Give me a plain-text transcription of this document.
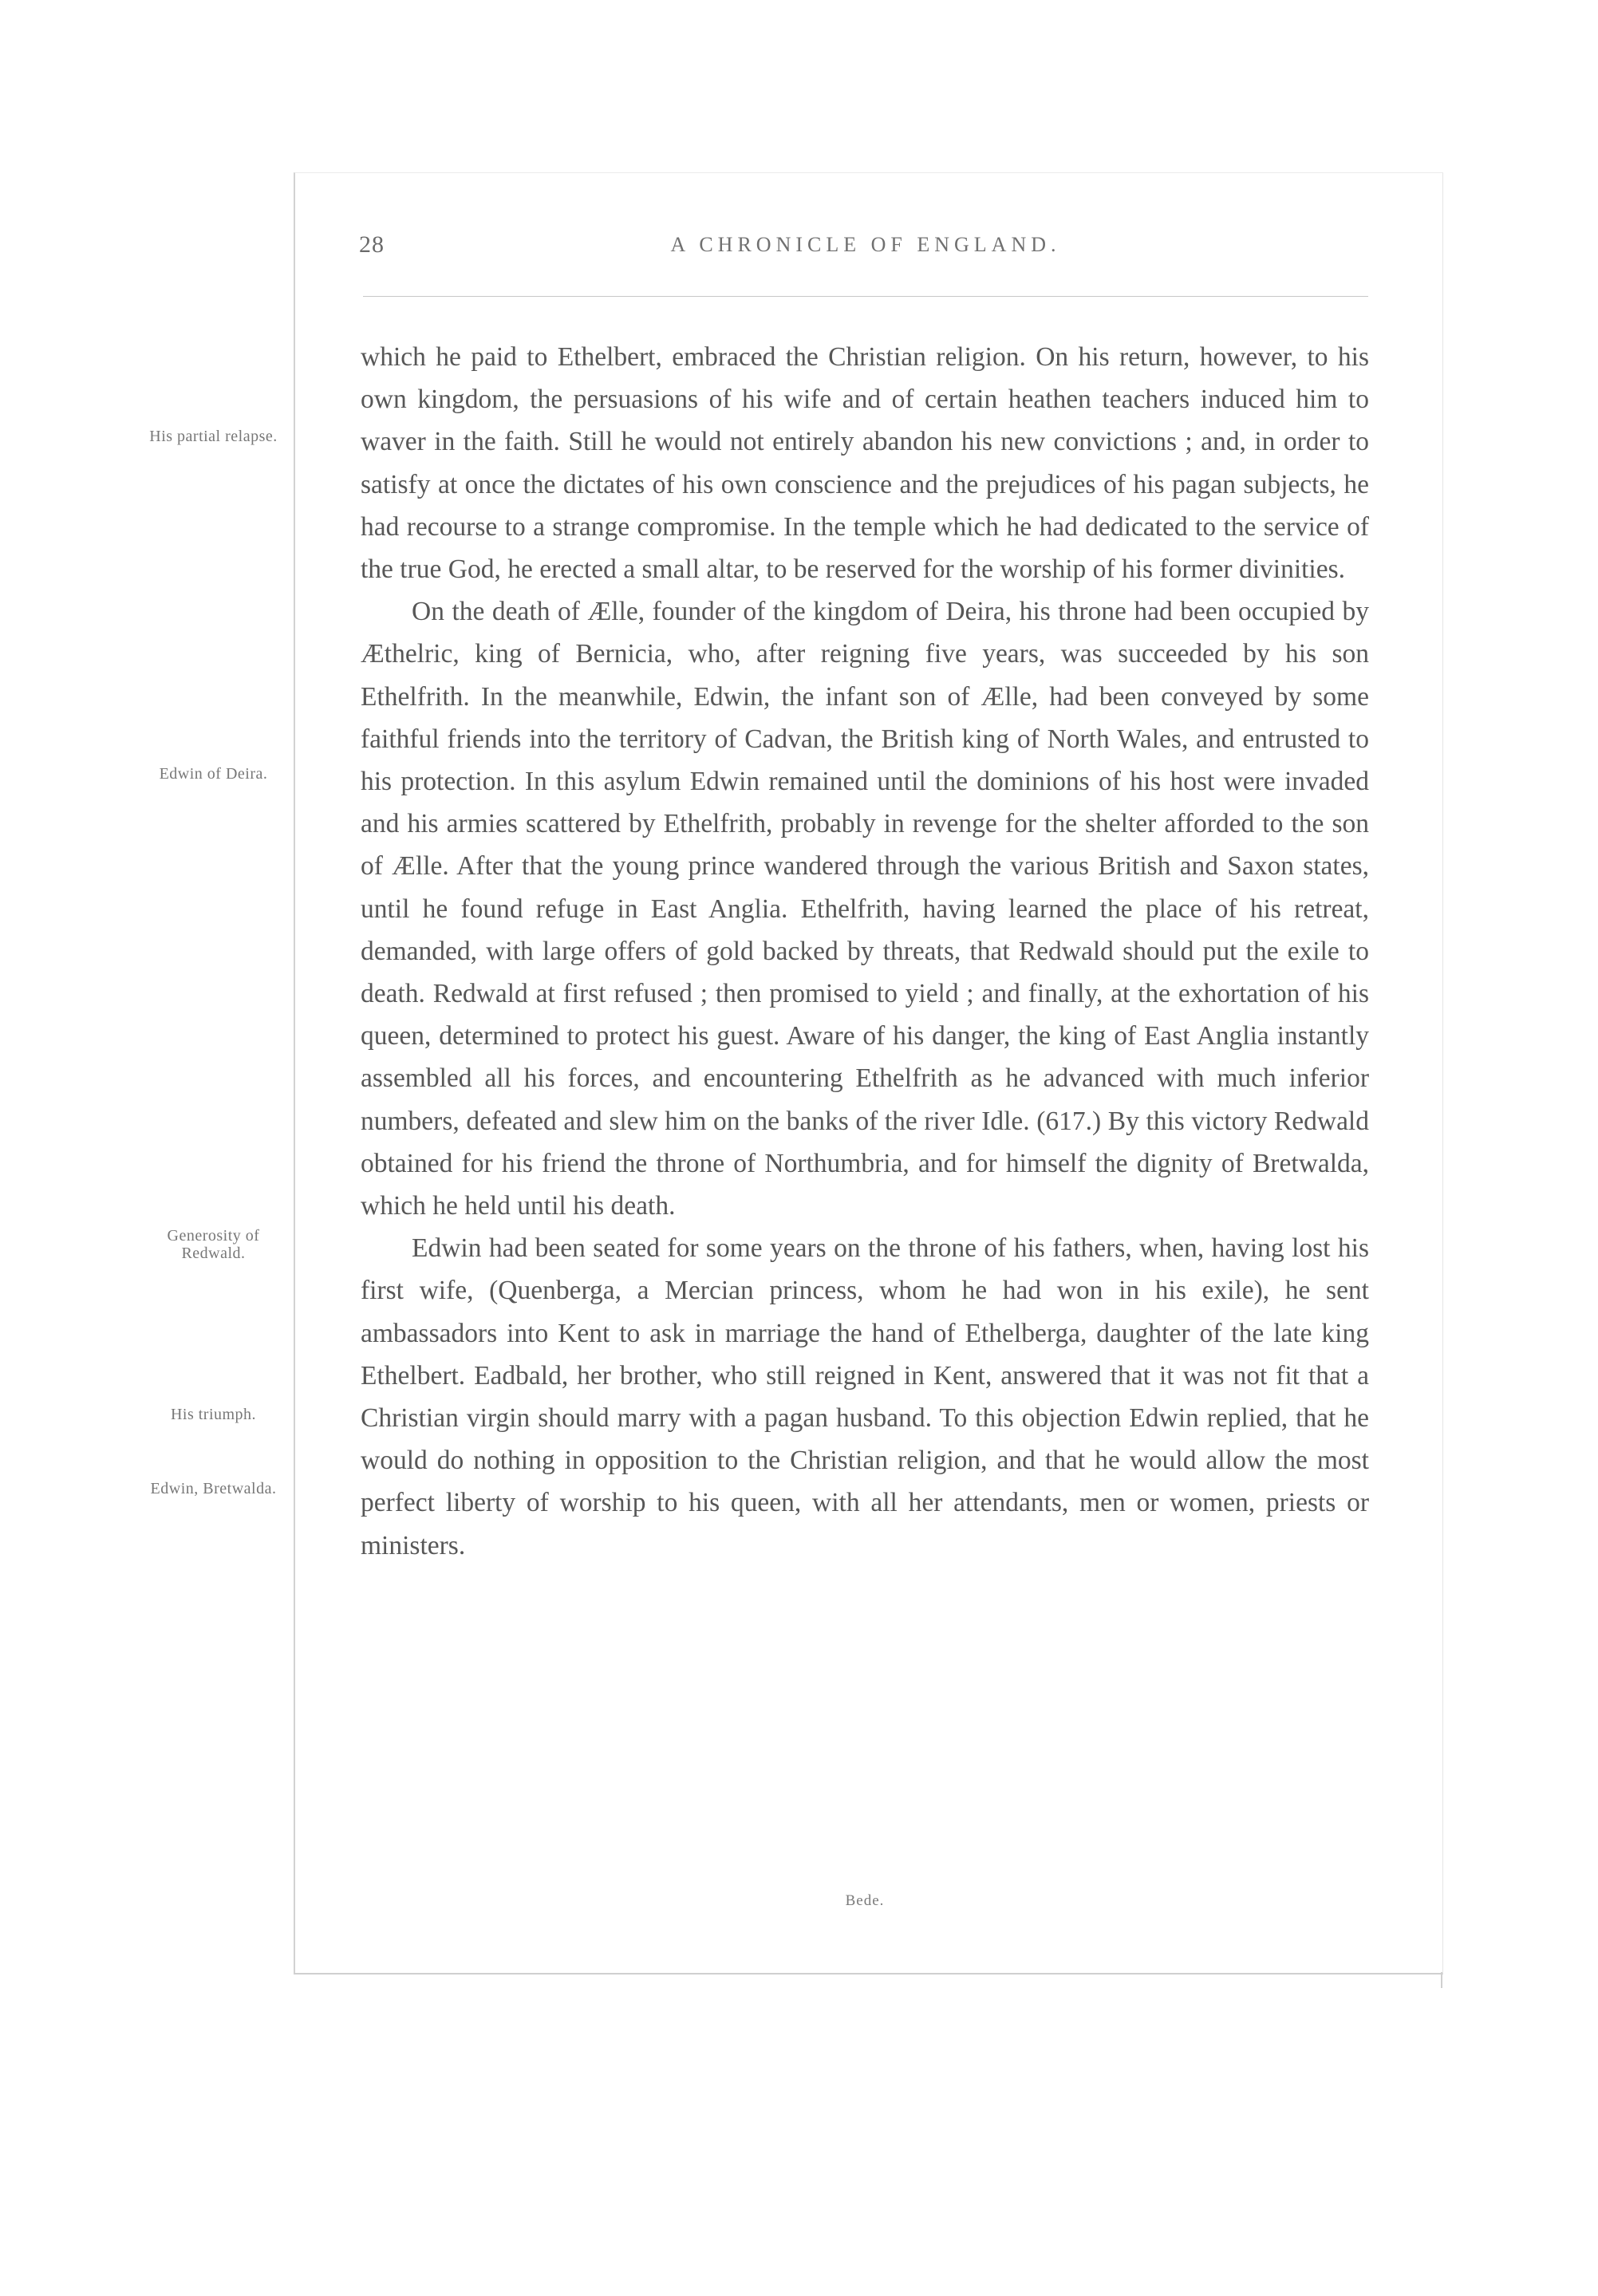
28	A CHRONICLE OF ENGLAND.
His partial relapse.
Edwin of Deira.
Generosity of Redwald.
His triumph.
Edwin, Bretwalda.

which he paid to Ethelbert, embraced the Christian religion. On his return, however, to his own kingdom, the persuasions of his wife and of certain heathen teachers induced him to waver in the faith. Still he would not entirely abandon his new convictions ; and, in order to satisfy at once the dictates of his own conscience and the prejudices of his pagan subjects, he had recourse to a strange compromise. In the temple which he had dedicated to the service of the true God, he erected a small altar, to be reserved for the worship of his former divinities.

On the death of Ælle, founder of the kingdom of Deira, his throne had been occupied by Æthelric, king of Bernicia, who, after reigning five years, was succeeded by his son Ethelfrith. In the meanwhile, Edwin, the infant son of Ælle, had been conveyed by some faithful friends into the territory of Cadvan, the British king of North Wales, and entrusted to his protection. In this asylum Edwin remained until the dominions of his host were invaded and his armies scattered by Ethelfrith, probably in revenge for the shelter afforded to the son of Ælle. After that the young prince wandered through the various British and Saxon states, until he found refuge in East Anglia. Ethelfrith, having learned the place of his retreat, demanded, with large offers of gold backed by threats, that Redwald should put the exile to death. Redwald at first refused ; then promised to yield ; and finally, at the exhortation of his queen, determined to protect his guest. Aware of his danger, the king of East Anglia instantly assembled all his forces, and encountering Ethelfrith as he advanced with much inferior numbers, defeated and slew him on the banks of the river Idle. (617.) By this victory Redwald obtained for his friend the throne of Northumbria, and for himself the dignity of Bretwalda, which he held until his death.

Edwin had been seated for some years on the throne of his fathers, when, having lost his first wife, (Quenberga, a Mercian princess, whom he had won in his exile), he sent ambassadors into Kent to ask in marriage the hand of Ethelberga, daughter of the late king Ethelbert. Eadbald, her brother, who still reigned in Kent, answered that it was not fit that a Christian virgin should marry with a pagan husband. To this objection Edwin replied, that he would do nothing in opposition to the Christian religion, and that he would allow the most perfect liberty of worship to his queen, with all her attendants, men or women, priests or ministers.

Bede.
